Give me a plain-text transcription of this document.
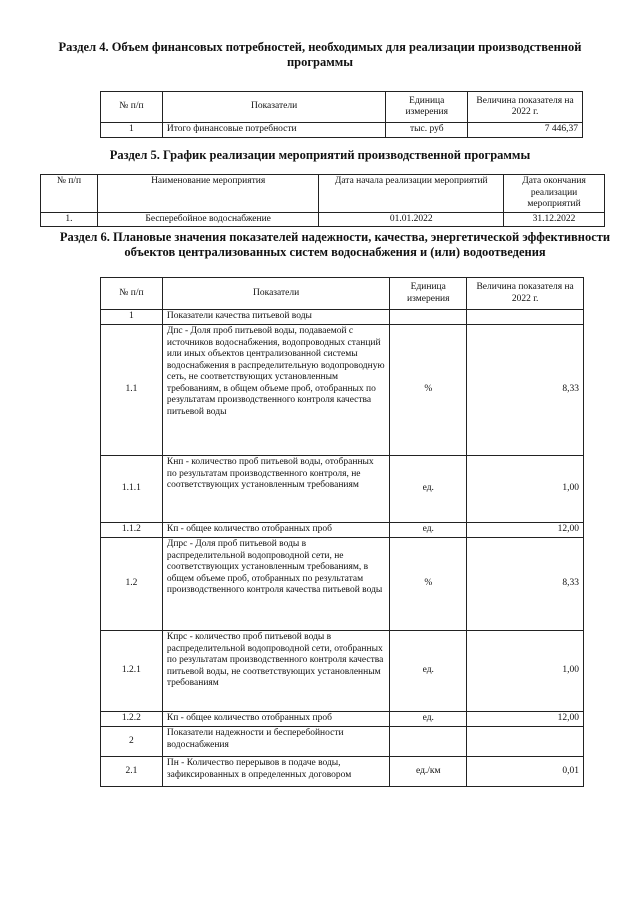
Раздел 4. Объем финансовых потребностей, необходимых для реализации производственной
программы
№ п/п	Показатели	Единица измерения	Величина показателя на 2022 г.
1	Итого финансовые потребности	тыс. руб	7 446,37
Раздел 5. График реализации мероприятий производственной программы
№ п/п	Наименование мероприятия	Дата начала реализации мероприятий	Дата окончания реализации мероприятий
1.	Бесперебойное водоснабжение	01.01.2022	31.12.2022
Раздел 6. Плановые значения показателей надежности, качества, энергетической эффективности
объектов централизованных систем водоснабжения и (или) водоотведения
№ п/п	Показатели	Единица измерения	Величина показателя на 2022 г.
1	Показатели качества питьевой воды		
1.1	Дпс - Доля проб питьевой воды, подаваемой с источников водоснабжения, водопроводных станций или иных объектов централизованной системы водоснабжения в распределительную водопроводную сеть, не соответствующих установленным требованиям, в общем объеме проб, отобранных по результатам производственного контроля качества питьевой воды	%	8,33
1.1.1	Кнп - количество проб питьевой воды, отобранных по результатам производственного контроля, не соответствующих установленным требованиям	ед.	1,00
1.1.2	Кп - общее количество отобранных проб	ед.	12,00
1.2	Дпрс - Доля проб питьевой воды в распределительной водопроводной сети, не соответствующих установленным требованиям, в общем объеме проб, отобранных по результатам производственного контроля качества питьевой воды	%	8,33
1.2.1	Кпрс - количество проб питьевой воды в распределительной водопроводной сети, отобранных по результатам производственного контроля качества питьевой воды, не соответствующих установленным требованиям	ед.	1,00
1.2.2	Кп - общее количество отобранных проб	ед.	12,00
2	Показатели надежности и бесперебойности водоснабжения		
2.1	Пн - Количество перерывов в подаче воды, зафиксированных в определенных договором	ед./км	0,01
